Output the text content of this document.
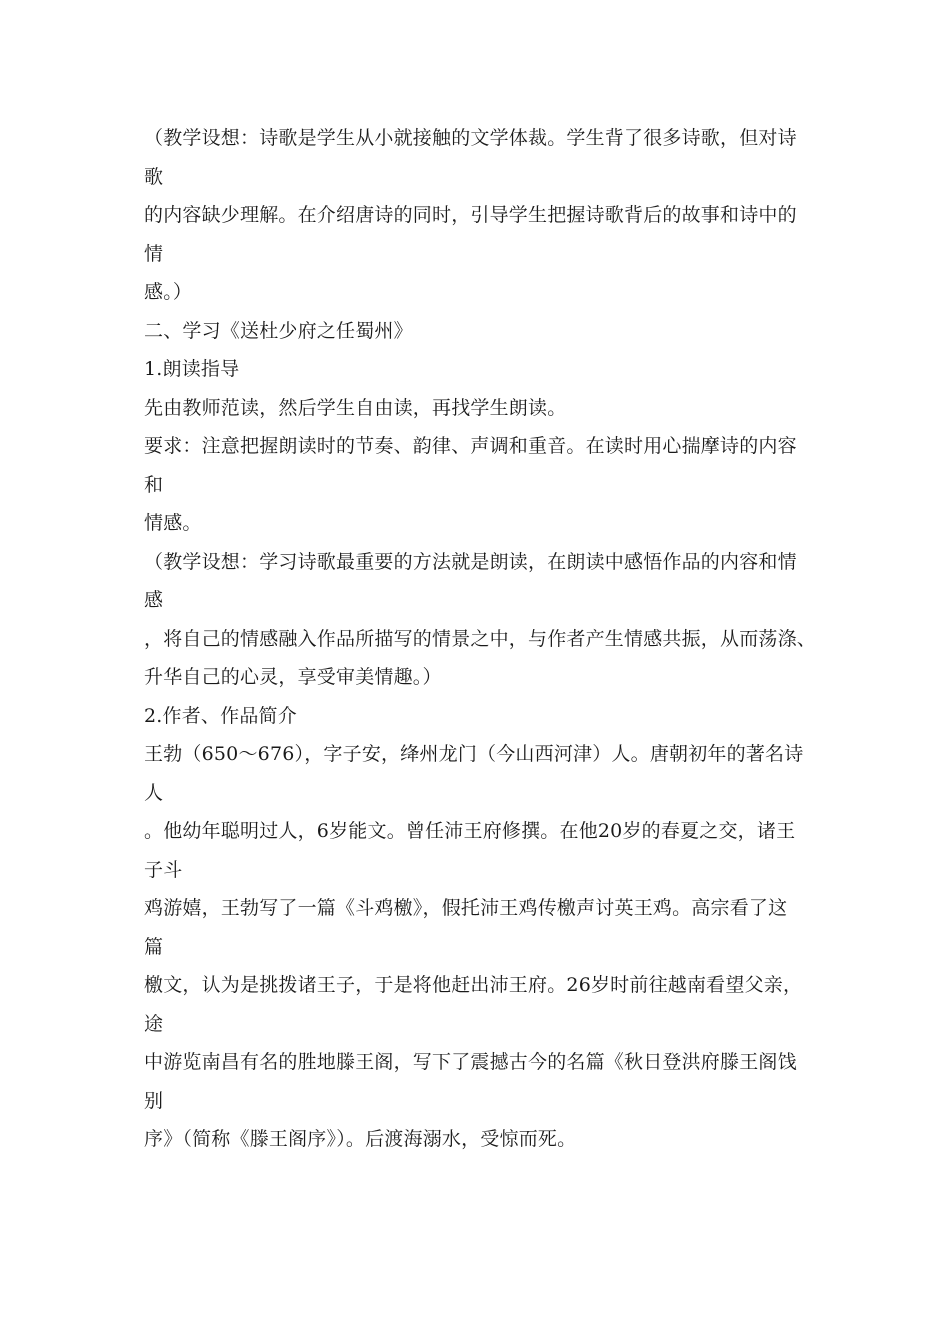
（教学设想：诗歌是学生从小就接触的文学体裁。学生背了很多诗歌，但对诗
歌
的内容缺少理解。在介绍唐诗的同时，引导学生把握诗歌背后的故事和诗中的
情
感。）
二、学习《送杜少府之任蜀州》
1.朗读指导
先由教师范读，然后学生自由读，再找学生朗读。
要求：注意把握朗读时的节奏、韵律、声调和重音。在读时用心揣摩诗的内容
和
情感。
（教学设想：学习诗歌最重要的方法就是朗读，在朗读中感悟作品的内容和情
感
，将自己的情感融入作品所描写的情景之中，与作者产生情感共振，从而荡涤、
升华自己的心灵，享受审美情趣。）
2.作者、作品简介
王勃（650～676），字子安，绛州龙门（今山西河津）人。唐朝初年的著名诗
人
。他幼年聪明过人，6岁能文。曾任沛王府修撰。在他20岁的春夏之交，诸王
子斗
鸡游嬉，王勃写了一篇《斗鸡檄》，假托沛王鸡传檄声讨英王鸡。高宗看了这
篇
檄文，认为是挑拨诸王子，于是将他赶出沛王府。26岁时前往越南看望父亲，
途
中游览南昌有名的胜地滕王阁，写下了震撼古今的名篇《秋日登洪府滕王阁饯
别
序》（简称《滕王阁序》）。后渡海溺水，受惊而死。
